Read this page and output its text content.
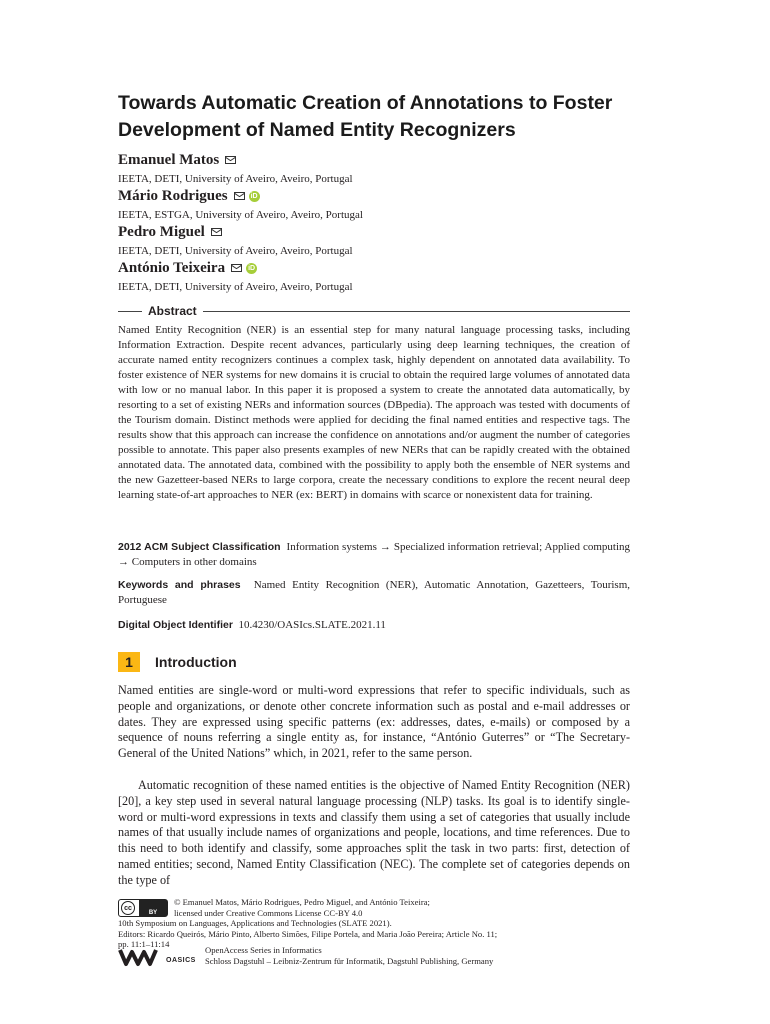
Towards Automatic Creation of Annotations to Foster Development of Named Entity Recognizers
Emanuel Matos
IEETA, DETI, University of Aveiro, Aveiro, Portugal
Mário Rodrigues	iD
IEETA, ESTGA, University of Aveiro, Aveiro, Portugal
Pedro Miguel
IEETA, DETI, University of Aveiro, Aveiro, Portugal
António Teixeira	iD
IEETA, DETI, University of Aveiro, Aveiro, Portugal
Abstract

Named Entity Recognition (NER) is an essential step for many natural language processing tasks, including Information Extraction. Despite recent advances, particularly using deep learning techniques, the creation of accurate named entity recognizers continues a complex task, highly dependent on annotated data availability. To foster existence of NER systems for new domains it is crucial to obtain the required large volumes of annotated data with low or no manual labor. In this paper it is proposed a system to create the annotated data automatically, by resorting to a set of existing NERs and information sources (DBpedia). The approach was tested with documents of the Tourism domain. Distinct methods were applied for deciding the final named entities and respective tags. The results show that this approach can increase the confidence on annotations and/or augment the number of categories possible to annotate. This paper also presents examples of new NERs that can be rapidly created with the obtained annotated data. The annotated data, combined with the possibility to apply both the ensemble of NER systems and the new Gazetteer-based NERs to large corpora, create the necessary conditions to explore the recent neural deep learning state-of-art approaches to NER (ex: BERT) in domains with scarce or nonexistent data for training.

2012 ACM Subject Classification Information systems → Specialized information retrieval; Applied computing → Computers in other domains

Keywords and phrases Named Entity Recognition (NER), Automatic Annotation, Gazetteers, Tourism, Portuguese

Digital Object Identifier 10.4230/OASIcs.SLATE.2021.11

1	Introduction

Named entities are single-word or multi-word expressions that refer to specific individuals, such as people and organizations, or denote other concrete information such as postal and e-mail addresses or dates. They are expressed using specific patterns (ex: addresses, dates, e-mails) or composed by a sequence of nouns referring a single entity as, for instance, “António Guterres” or “The Secretary-General of the United Nations” which, in 2021, refer to the same person.

Automatic recognition of these named entities is the objective of Named Entity Recognition (NER) [20], a key step used in several natural language processing (NLP) tasks. Its goal is to identify single-word or multi-word expressions in texts and classify them using a set of categories that usually include names of that usually include names of organizations and people, locations, and time references. Due to this need to both identify and classify, some approaches split the task in two parts: first, detection of named entities; second, Named Entity Classification (NEC). The complete set of categories depends on the type of

cc
BY
© Emanuel Matos, Mário Rodrigues, Pedro Miguel, and António Teixeira;
licensed under Creative Commons License CC-BY 4.0
10th Symposium on Languages, Applications and Technologies (SLATE 2021).
Editors: Ricardo Queirós, Mário Pinto, Alberto Simões, Filipe Portela, and Maria João Pereira; Article No. 11;
pp. 11:1–11:14
OASICS
OpenAccess Series in Informatics
Schloss Dagstuhl – Leibniz-Zentrum für Informatik, Dagstuhl Publishing, Germany
